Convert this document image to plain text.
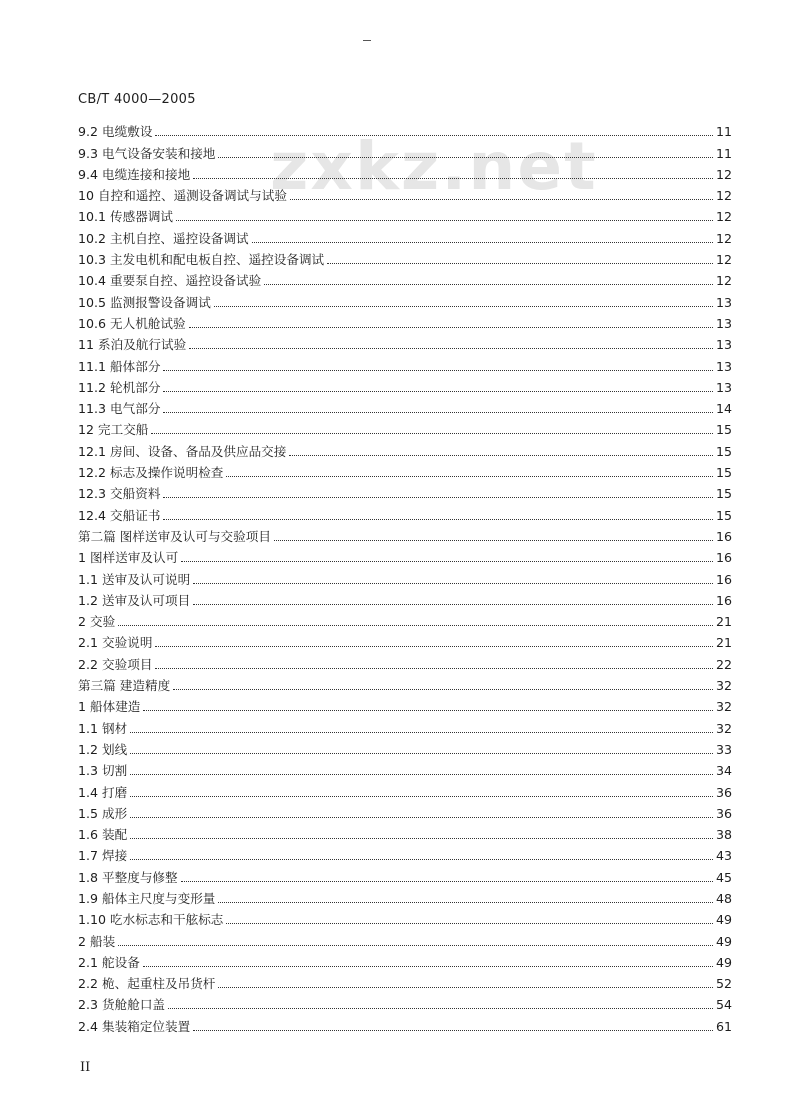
CB/T 4000—2005
zxkz.net
9.2 电缆敷设	11
9.3 电气设备安装和接地	11
9.4 电缆连接和接地	12
10 自控和遥控、遥测设备调试与试验	12
10.1 传感器调试	12
10.2 主机自控、遥控设备调试	12
10.3 主发电机和配电板自控、遥控设备调试	12
10.4 重要泵自控、遥控设备试验	12
10.5 监测报警设备调试	13
10.6 无人机舱试验	13
11 系泊及航行试验	13
11.1 船体部分	13
11.2 轮机部分	13
11.3 电气部分	14
12 完工交船	15
12.1 房间、设备、备品及供应品交接	15
12.2 标志及操作说明检查	15
12.3 交船资料	15
12.4 交船证书	15
第二篇 图样送审及认可与交验项目	16
1 图样送审及认可	16
1.1 送审及认可说明	16
1.2 送审及认可项目	16
2 交验	21
2.1 交验说明	21
2.2 交验项目	22
第三篇 建造精度	32
1 船体建造	32
1.1 钢材	32
1.2 划线	33
1.3 切割	34
1.4 打磨	36
1.5 成形	36
1.6 装配	38
1.7 焊接	43
1.8 平整度与修整	45
1.9 船体主尺度与变形量	48
1.10 吃水标志和干舷标志	49
2 船装	49
2.1 舵设备	49
2.2 桅、起重柱及吊货杆	52
2.3 货舱舱口盖	54
2.4 集装箱定位装置	61
II
